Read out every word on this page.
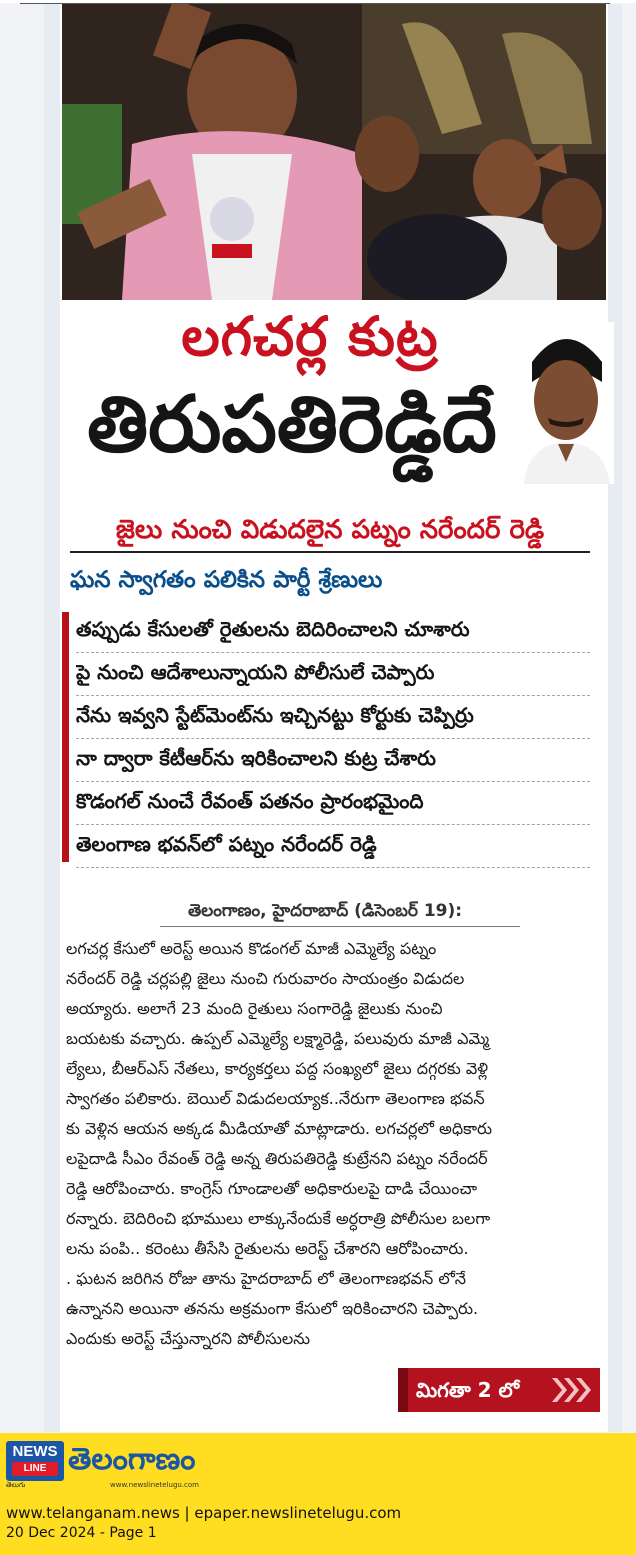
లగచర్ల కుట్ర
తిరుపతిరెడ్డిదే
జైలు నుంచి విడుదలైన పట్నం నరేందర్ రెడ్డి
ఘన స్వాగతం పలికిన పార్టీ శ్రేణులు
తప్పుడు కేసులతో రైతులను బెదిరించాలని చూశారు
పై నుంచి ఆదేశాలున్నాయని పోలీసులే చెప్పారు
నేను ఇవ్వని స్టేట్‌మెంట్‌ను ఇచ్చినట్టు కోర్టుకు చెప్పిర్రు
నా ద్వారా కేటీఆర్‌ను ఇరికించాలని కుట్ర చేశారు
కొడంగల్ నుంచే రేవంత్ పతనం ప్రారంభమైంది
తెలంగాణ భవన్‌లో పట్నం నరేందర్ రెడ్డి
తెలంగాణం, హైదరాబాద్ (డిసెంబర్ 19):
లగచర్ల కేసులో అరెస్ట్ అయిన కొడంగల్ మాజీ ఎమ్మెల్యే పట్నం
నరేందర్ రెడ్డి చర్లపల్లి జైలు నుంచి గురువారం సాయంత్రం విడుదల
అయ్యారు. అలాగే 23 మంది రైతులు సంగారెడ్డి జైలుకు నుంచి
బయటకు వచ్చారు. ఉప్పల్ ఎమ్మెల్యే లక్ష్మారెడ్డి, పలువురు మాజీ ఎమ్మె
ల్యేలు, బీఆర్ఎస్ నేతలు, కార్యకర్తలు పద్ద సంఖ్యలో జైలు దగ్గరకు వెళ్లి
స్వాగతం పలికారు. బెయిల్ విడుదలయ్యాక..నేరుగా తెలంగాణ భవన్
కు వెళ్లిన ఆయన అక్కడ మీడియాతో మాట్లాడారు. లగచర్లలో అధికారు
లపైదాడి సీఎం రేవంత్ రెడ్డి అన్న తిరుపతిరెడ్డి కుట్రేనని పట్నం నరేందర్
రెడ్డి ఆరోపించారు. కాంగ్రెస్ గూండాలతో అధికారులపై దాడి చేయించా
రన్నారు. బెదిరించి భూములు లాక్కునేందుకే అర్ధరాత్రి పోలీసుల బలగా
లను పంపి.. కరెంటు తీసేసి రైతులను అరెస్ట్ చేశారని ఆరోపించారు.
. ఘటన జరిగిన రోజు తాను హైదరాబాద్ లో తెలంగాణభవన్ లోనే
ఉన్నానని అయినా తనను అక్రమంగా కేసులో ఇరికించారని చెప్పారు.
ఎందుకు అరెస్ట్ చేస్తున్నారని పోలీసులను
మిగతా 2 లో
NEWS
LINE
తెలుగు
తెలంగాణం
www.newslinetelugu.com
www.telanganam.news | epaper.newslinetelugu.com
20 Dec 2024 - Page 1
